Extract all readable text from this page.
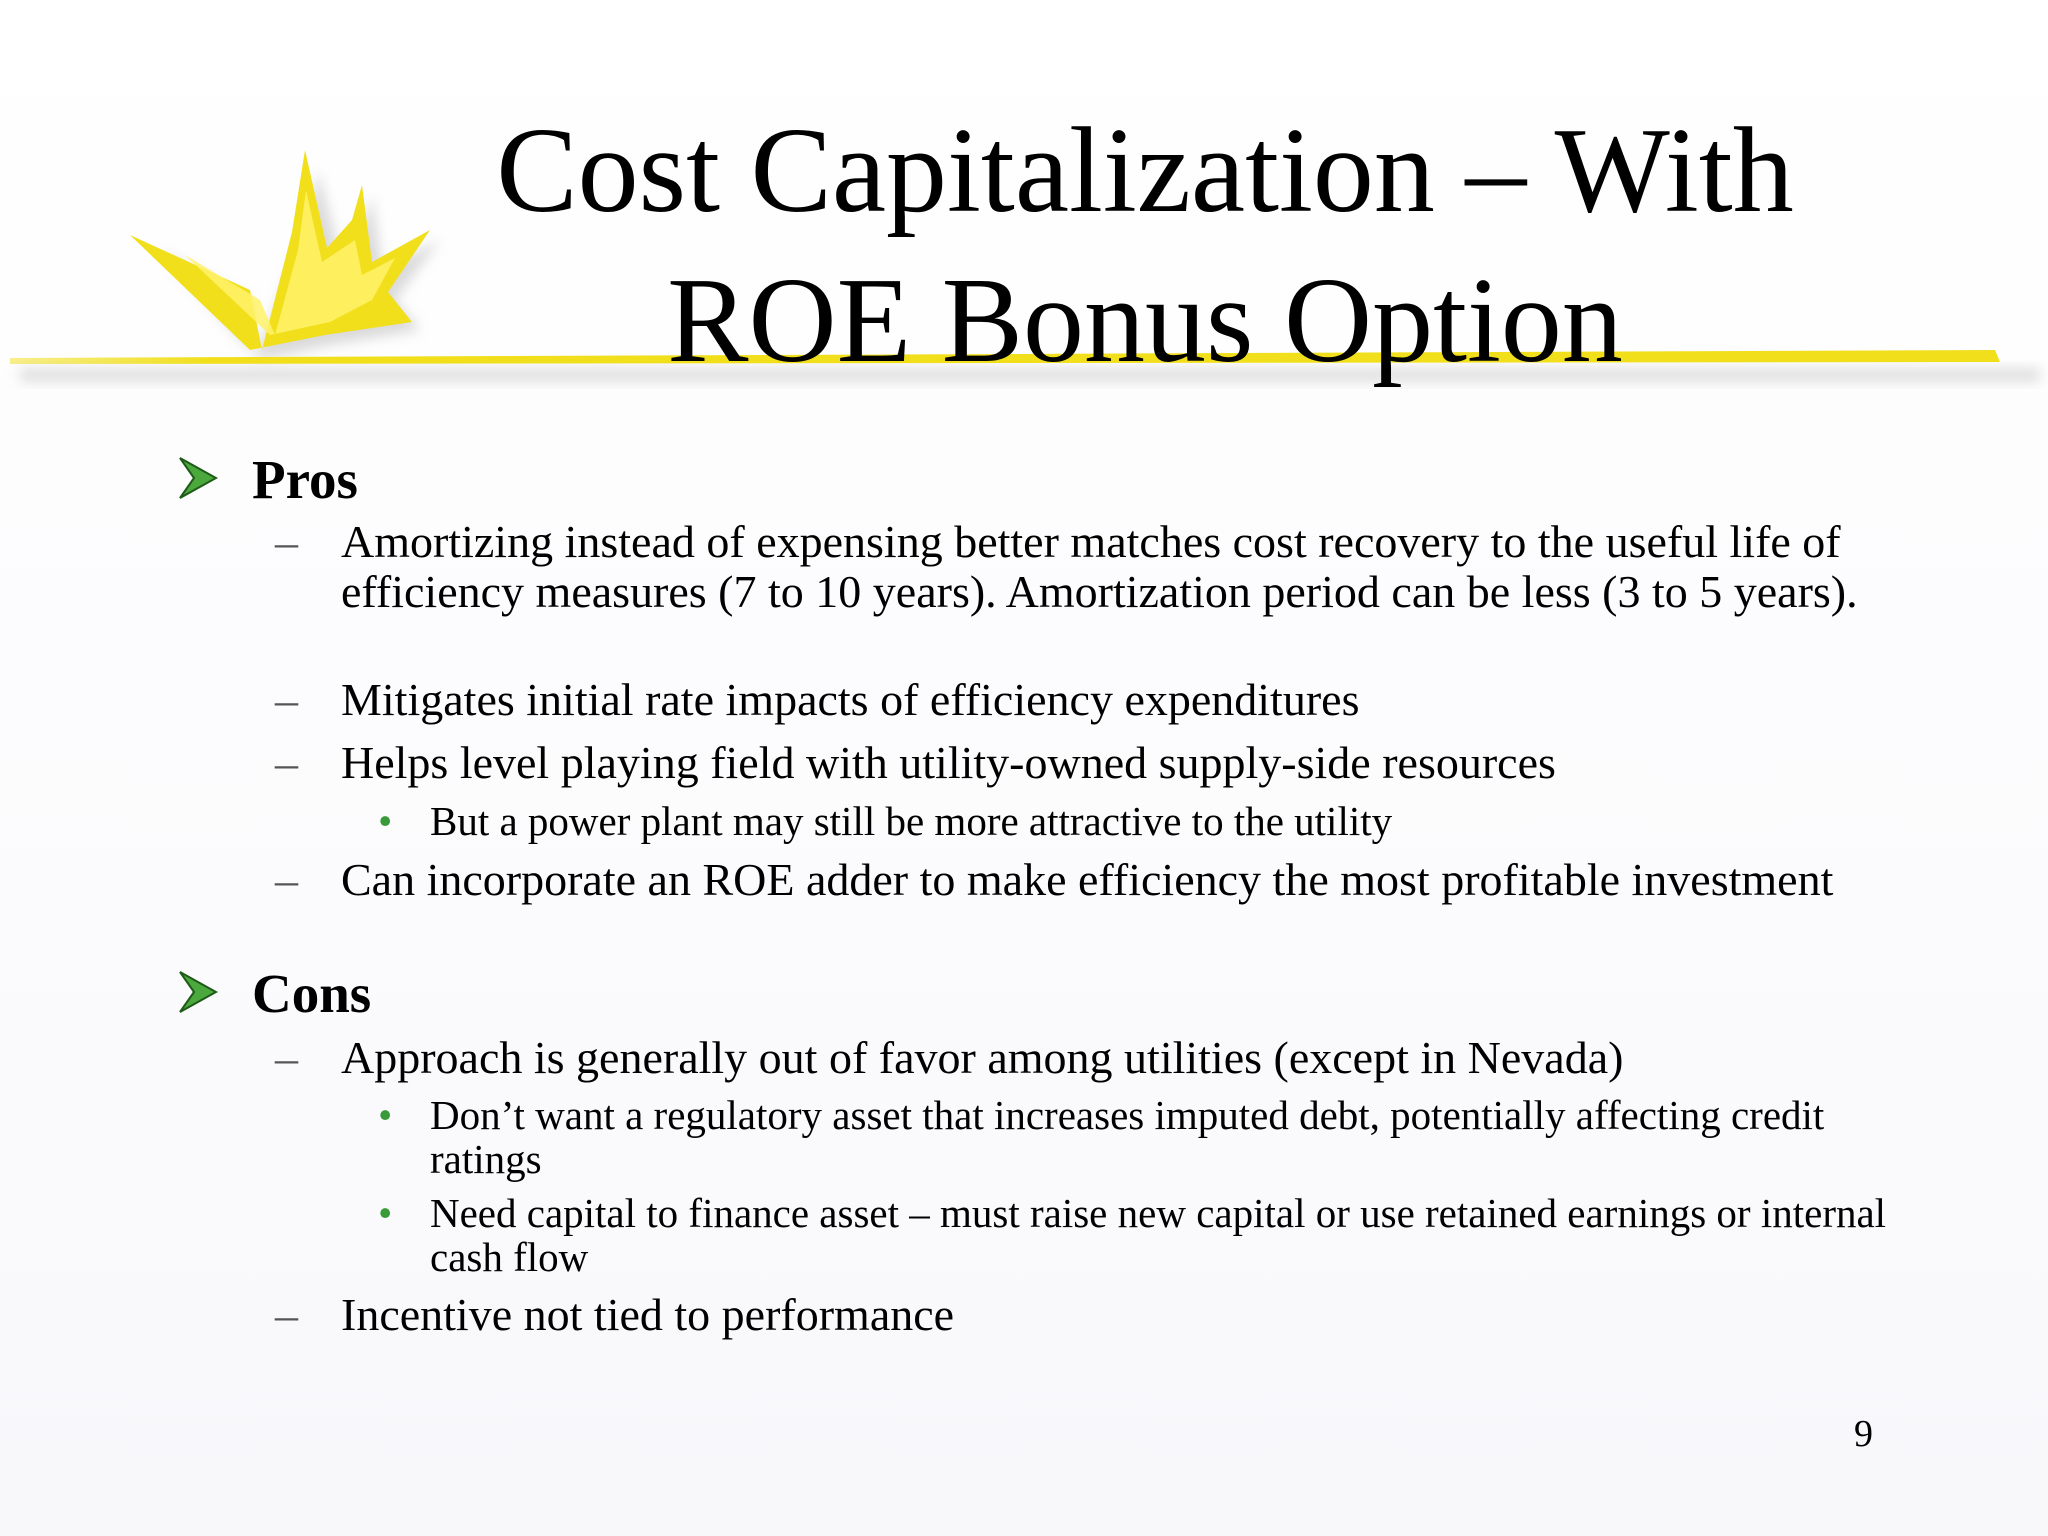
Cost Capitalization – With
ROE Bonus Option
Pros
– Amortizing instead of expensing better matches cost recovery to the useful life of efficiency measures (7 to 10 years). Amortization period can be less (3 to 5 years).
– Mitigates initial rate impacts of efficiency expenditures
– Helps level playing field with utility-owned supply-side resources
• But a power plant may still be more attractive to the utility
– Can incorporate an ROE adder to make efficiency the most profitable investment
Cons
– Approach is generally out of favor among utilities (except in Nevada)
• Don’t want a regulatory asset that increases imputed debt, potentially affecting credit ratings
• Need capital to finance asset – must raise new capital or use retained earnings or internal cash flow
– Incentive not tied to performance
9
